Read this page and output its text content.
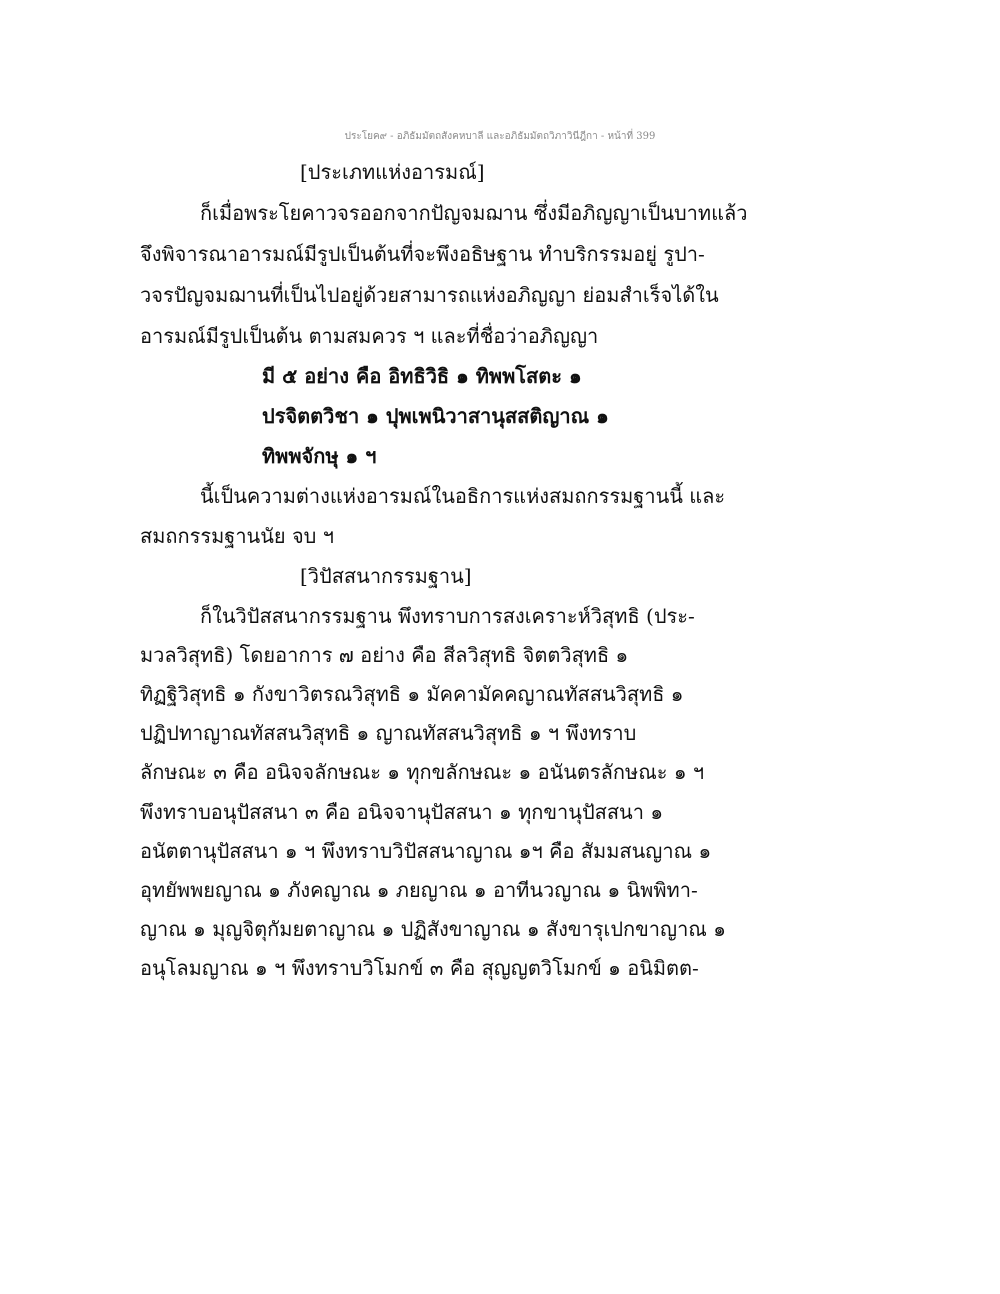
ประโยค๙ - อภิธัมมัตถสังคหบาลี และอภิธัมมัตถวิภาวินีฎีกา - หน้าที่ 399
[ประเภทแห่งอารมณ์]
ก็เมื่อพระโยคาวจรออกจากปัญจมฌาน ซึ่งมีอภิญญาเป็นบาทแล้ว
จึงพิจารณาอารมณ์มีรูปเป็นต้นที่จะพึงอธิษฐาน ทำบริกรรมอยู่ รูปา-
วจรปัญจมฌานที่เป็นไปอยู่ด้วยสามารถแห่งอภิญญา ย่อมสำเร็จได้ใน
อารมณ์มีรูปเป็นต้น ตามสมควร ฯ และที่ชื่อว่าอภิญญา
มี ๕ อย่าง คือ อิทธิวิธิ ๑ ทิพพโสตะ ๑
ปรจิตตวิชา ๑ ปุพเพนิวาสานุสสติญาณ ๑
ทิพพจักษุ ๑ ฯ
นี้เป็นความต่างแห่งอารมณ์ในอธิการแห่งสมถกรรมฐานนี้ และ
สมถกรรมฐานนัย จบ ฯ
[วิปัสสนากรรมฐาน]
ก็ในวิปัสสนากรรมฐาน พึงทราบการสงเคราะห์วิสุทธิ (ประ-
มวลวิสุทธิ) โดยอาการ ๗ อย่าง คือ สีลวิสุทธิ จิตตวิสุทธิ ๑
ทิฏฐิวิสุทธิ ๑ กังขาวิตรณวิสุทธิ ๑ มัคคามัคคญาณทัสสนวิสุทธิ ๑
ปฏิปทาญาณทัสสนวิสุทธิ ๑ ญาณทัสสนวิสุทธิ ๑ ฯ พึงทราบ
ลักษณะ ๓ คือ อนิจจลักษณะ ๑ ทุกขลักษณะ ๑ อนันตรลักษณะ ๑ ฯ
พึงทราบอนุปัสสนา ๓ คือ อนิจจานุปัสสนา ๑ ทุกขานุปัสสนา ๑
อนัตตานุปัสสนา ๑ ฯ พึงทราบวิปัสสนาญาณ ๑ฯ คือ สัมมสนญาณ ๑
อุทยัพพยญาณ ๑ ภังคญาณ ๑ ภยญาณ ๑ อาทีนวญาณ ๑ นิพพิทา-
ญาณ ๑ มุญจิตุกัมยตาญาณ ๑ ปฏิสังขาญาณ ๑ สังขารุเปกขาญาณ ๑
อนุโลมญาณ ๑ ฯ พึงทราบวิโมกข์ ๓ คือ สุญญตวิโมกข์ ๑ อนิมิตต-
